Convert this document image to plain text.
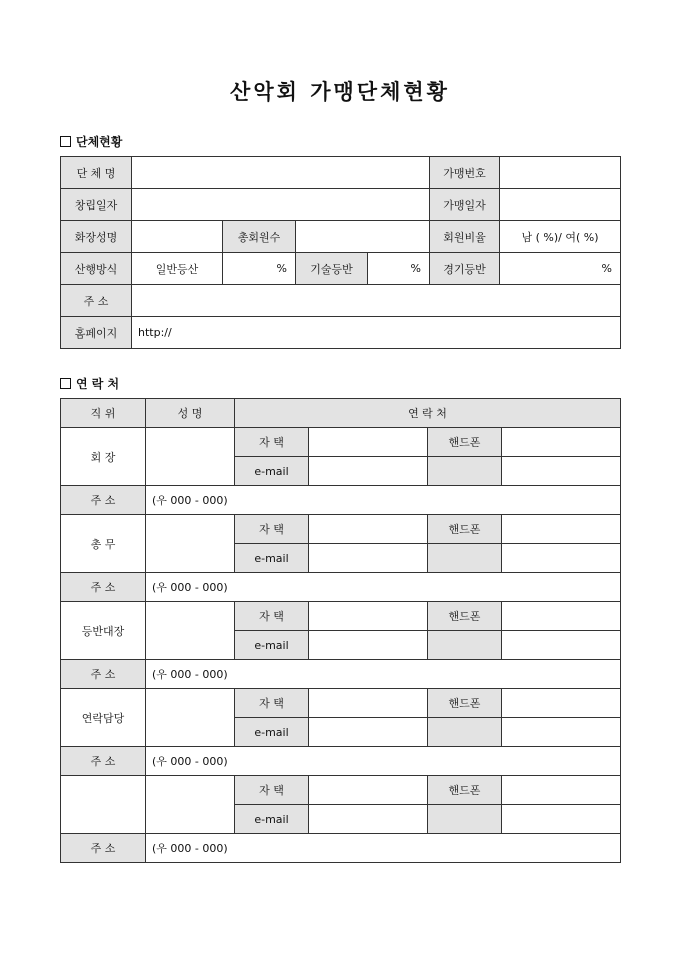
산악회 가맹단체현황
단체현황
단 체 명					가맹번호	
창립일자					가맹일자	
화장성명		총회원수			회원비율	남 ( %)/ 여( %)
산행방식	일반등산	%	기술등반	%	경기등반	%
주 소						
홈페이지	http://					
연 락 처
직 위	성 명	연 락 처			
회 장		자 택		핸드폰	
		e-mail			
주 소	(우 000 - 000)				
총 무		자 택		핸드폰	
		e-mail			
주 소	(우 000 - 000)				
등반대장		자 택		핸드폰	
		e-mail			
주 소	(우 000 - 000)				
연락담당		자 택		핸드폰	
		e-mail			
주 소	(우 000 - 000)				
		자 택		핸드폰	
		e-mail			
주 소	(우 000 - 000)				
